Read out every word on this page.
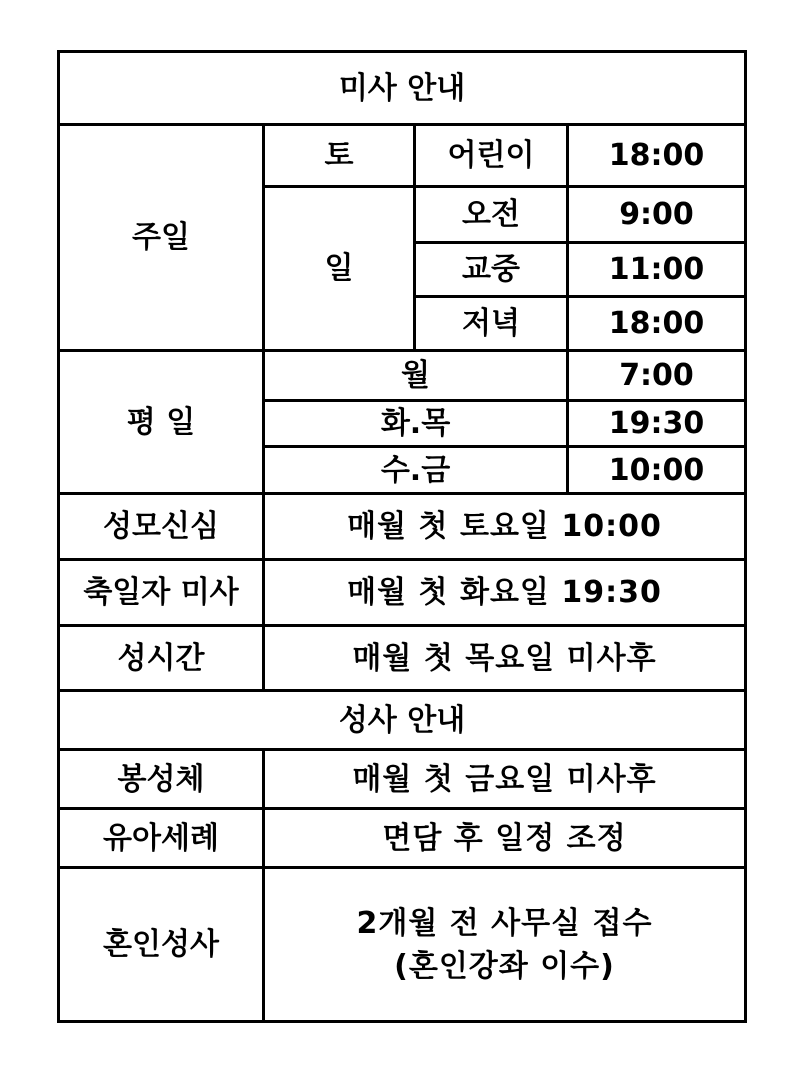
미사 안내			
주일	토	어린이	18:00
	일	오전	9:00
		교중	11:00
		저녁	18:00
평 일	월		7:00
	화.목		19:30
	수.금		10:00
성모신심	매월 첫 토요일 10:00		
축일자 미사	매월 첫 화요일 19:30		
성시간	매월 첫 목요일 미사후		
성사 안내			
봉성체	매월 첫 금요일 미사후		
유아세례	면담 후 일정 조정		
혼인성사	2개월 전 사무실 접수
(혼인강좌 이수)		
